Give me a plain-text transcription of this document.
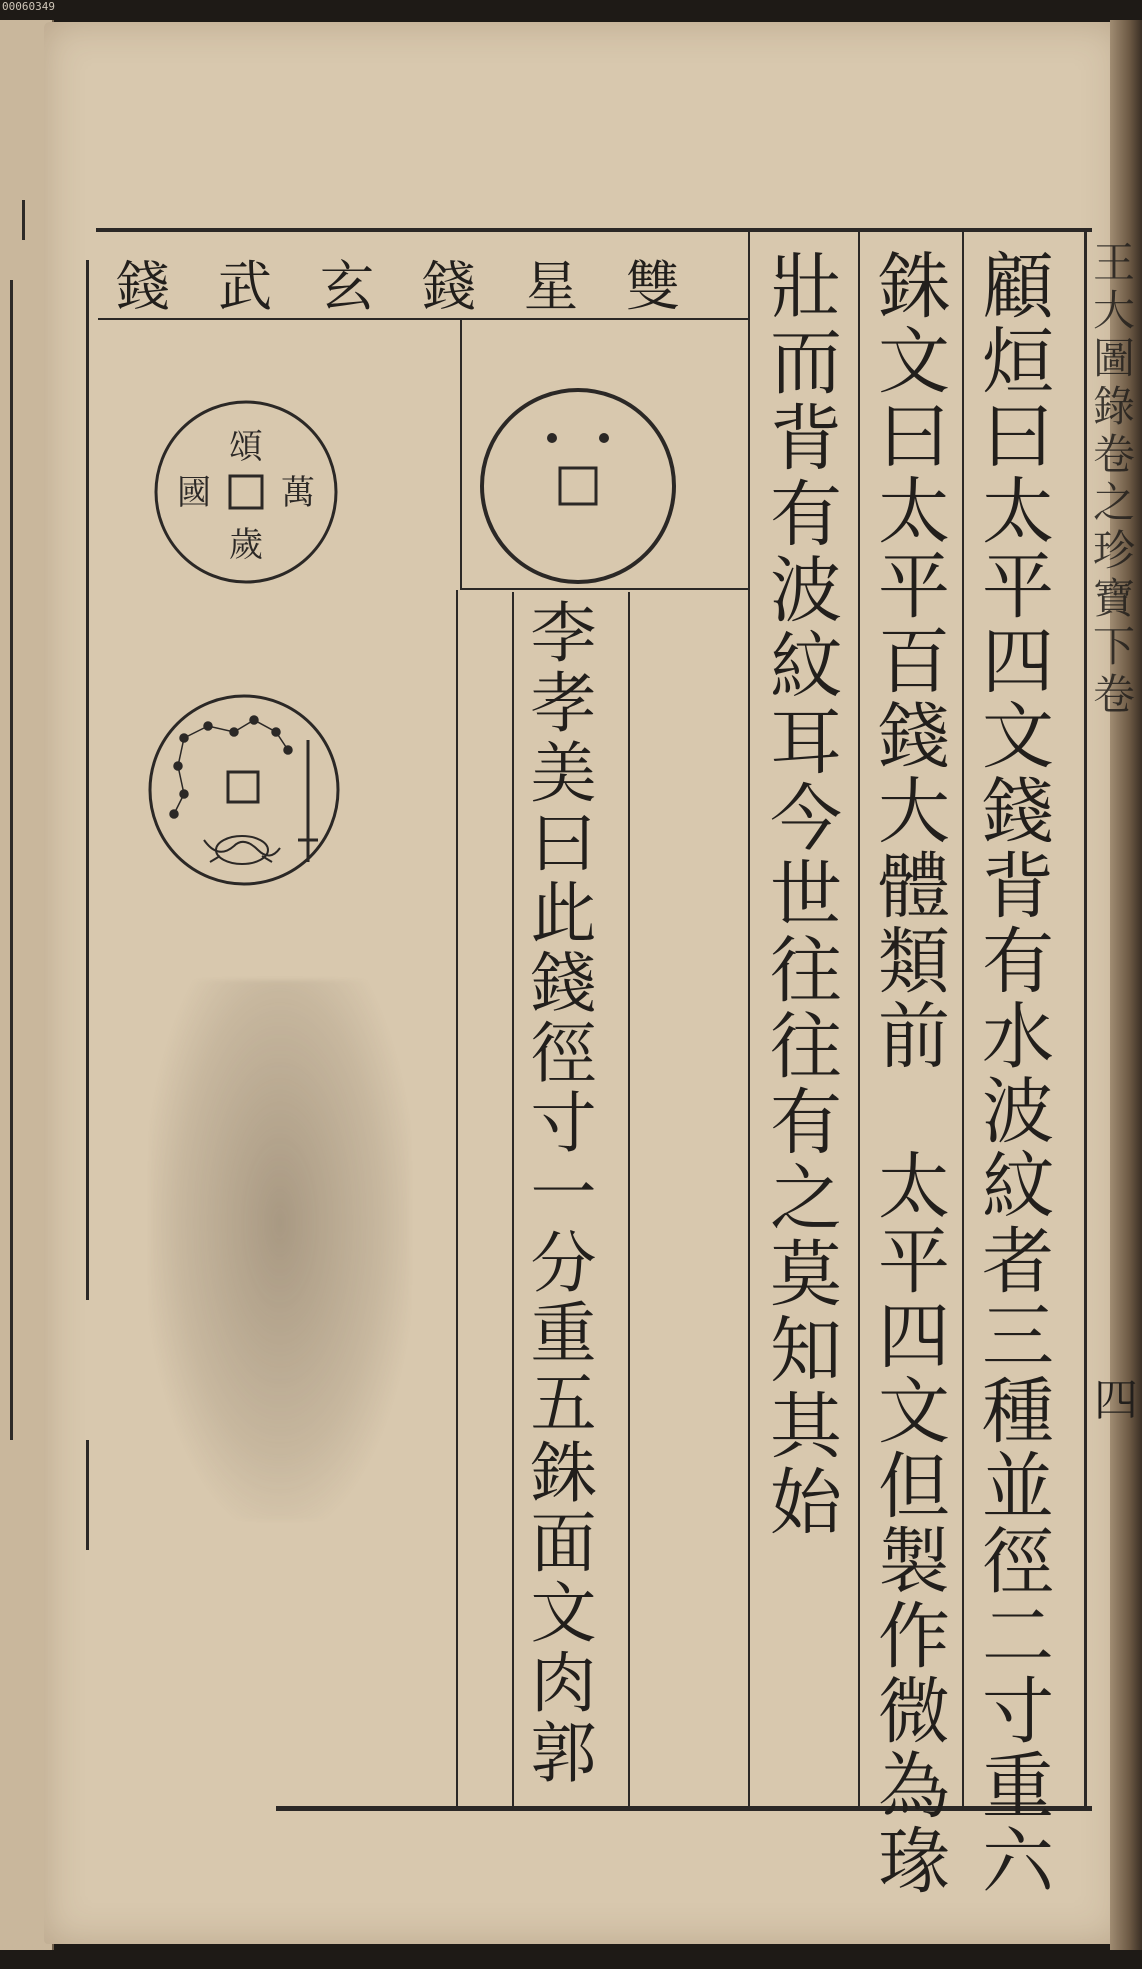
00060349
王大圖錄卷之珍寶下卷
顧烜曰太平四文錢背有水波紋者三種並徑二寸重六
銖文曰太平百錢大體類前　太平四文但製作微為瑑
壯而背有波紋耳今世往往有之莫知其始
李孝美曰此錢徑寸一分重五銖面文肉郭
雙星錢玄武錢
頌
萬
歲
國
四
